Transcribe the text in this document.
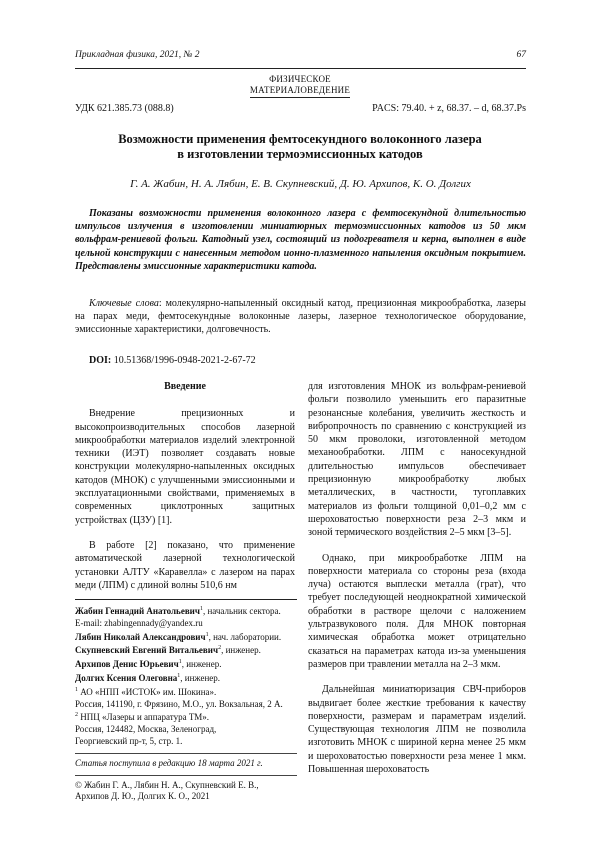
Прикладная физика, 2021, № 2	67
ФИЗИЧЕСКОЕ
МАТЕРИАЛОВЕДЕНИЕ
УДК 621.385.73 (088.8)	PACS: 79.40. + z, 68.37. – d, 68.37.Ps
Возможности применения фемтосекундного волоконного лазера
в изготовлении термоэмиссионных катодов
Г. А. Жабин, Н. А. Лябин, Е. В. Скупневский, Д. Ю. Архипов, К. О. Долгих
Показаны возможности применения волоконного лазера с фемтосекундной длительностью импульсов излучения в изготовлении миниатюрных термоэмиссионных катодов из 50 мкм вольфрам-рениевой фольги. Катодный узел, состоящий из подогревателя и керна, выполнен в виде цельной конструкции с нанесенным методом ионно-плазменного напыления оксидным покрытием. Представлены эмиссионные характеристики катода.
Ключевые слова: молекулярно-напыленный оксидный катод, прецизионная микрообработка, лазеры на парах меди, фемтосекундные волоконные лазеры, лазерное технологическое оборудование, эмиссионные характеристики, долговечность.
DOI: 10.51368/1996-0948-2021-2-67-72
Введение

Внедрение прецизионных и высокопроизводительных способов лазерной микрообработки материалов изделий электронной техники (ИЭТ) позволяет создавать новые конструкции молекулярно-напыленных оксидных катодов (МНОК) с улучшенными эмиссионными и эксплуатационными свойствами, применяемых в современных циклотронных защитных устройствах (ЦЗУ) [1].

В работе [2] показано, что применение автоматической лазерной технологической установки АЛТУ «Каравелла» с лазером на парах меди (ЛПМ) с длиной волны 510,6 нм

Жабин Геннадий Анатольевич$^1$, начальник сектора.
E-mail: zhabingennady@yandex.ru
Лябин Николай Александрович$^1$, нач. лаборатории.
Скупневский Евгений Витальевич$^2$, инженер.
Архипов Денис Юрьевич$^1$, инженер.
Долгих Ксения Олеговна$^1$, инженер.
$^1$ АО «НПП «ИСТОК» им. Шокина».
Россия, 141190, г. Фрязино, М.О., ул. Вокзальная, 2 А.
$^2$ НПЦ «Лазеры и аппаратура ТМ».
Россия, 124482, Москва, Зеленоград,
Георгиевский пр-т, 5, стр. 1.
Статья поступила в редакцию 18 марта 2021 г.
© Жабин Г. А., Лябин Н. А., Скупневский Е. В.,
Архипов Д. Ю., Долгих К. О., 2021

для изготовления МНОК из вольфрам-рениевой фольги позволило уменьшить его паразитные резонансные колебания, увеличить жесткость и вибропрочность по сравнению с конструкцией из 50 мкм проволоки, изготовленной методом механообработки. ЛПМ с наносекундной длительностью импульсов обеспечивает прецизионную микрообработку любых металлических, в частности, тугоплавких материалов из фольги толщиной 0,01–0,2 мм с шероховатостью поверхности реза 2–3 мкм и зоной термического воздействия 2–5 мкм [3–5].

Однако, при микрообработке ЛПМ на поверхности материала со стороны реза (входа луча) остаются выплески металла (грат), что требует последующей неоднократной химической обработки в растворе щелочи с наложением ультразвукового поля. Для МНОК повторная химическая обработка может отрицательно сказаться на параметрах катода из-за уменьшения размеров при травлении металла на 2–3 мкм.

Дальнейшая миниатюризация СВЧ-приборов выдвигает более жесткие требования к качеству поверхности, размерам и параметрам изделий. Существующая технология ЛПМ не позволила изготовить МНОК с шириной керна менее 25 мкм и шероховатостью поверхности реза менее 1 мкм. Повышенная шероховатость
